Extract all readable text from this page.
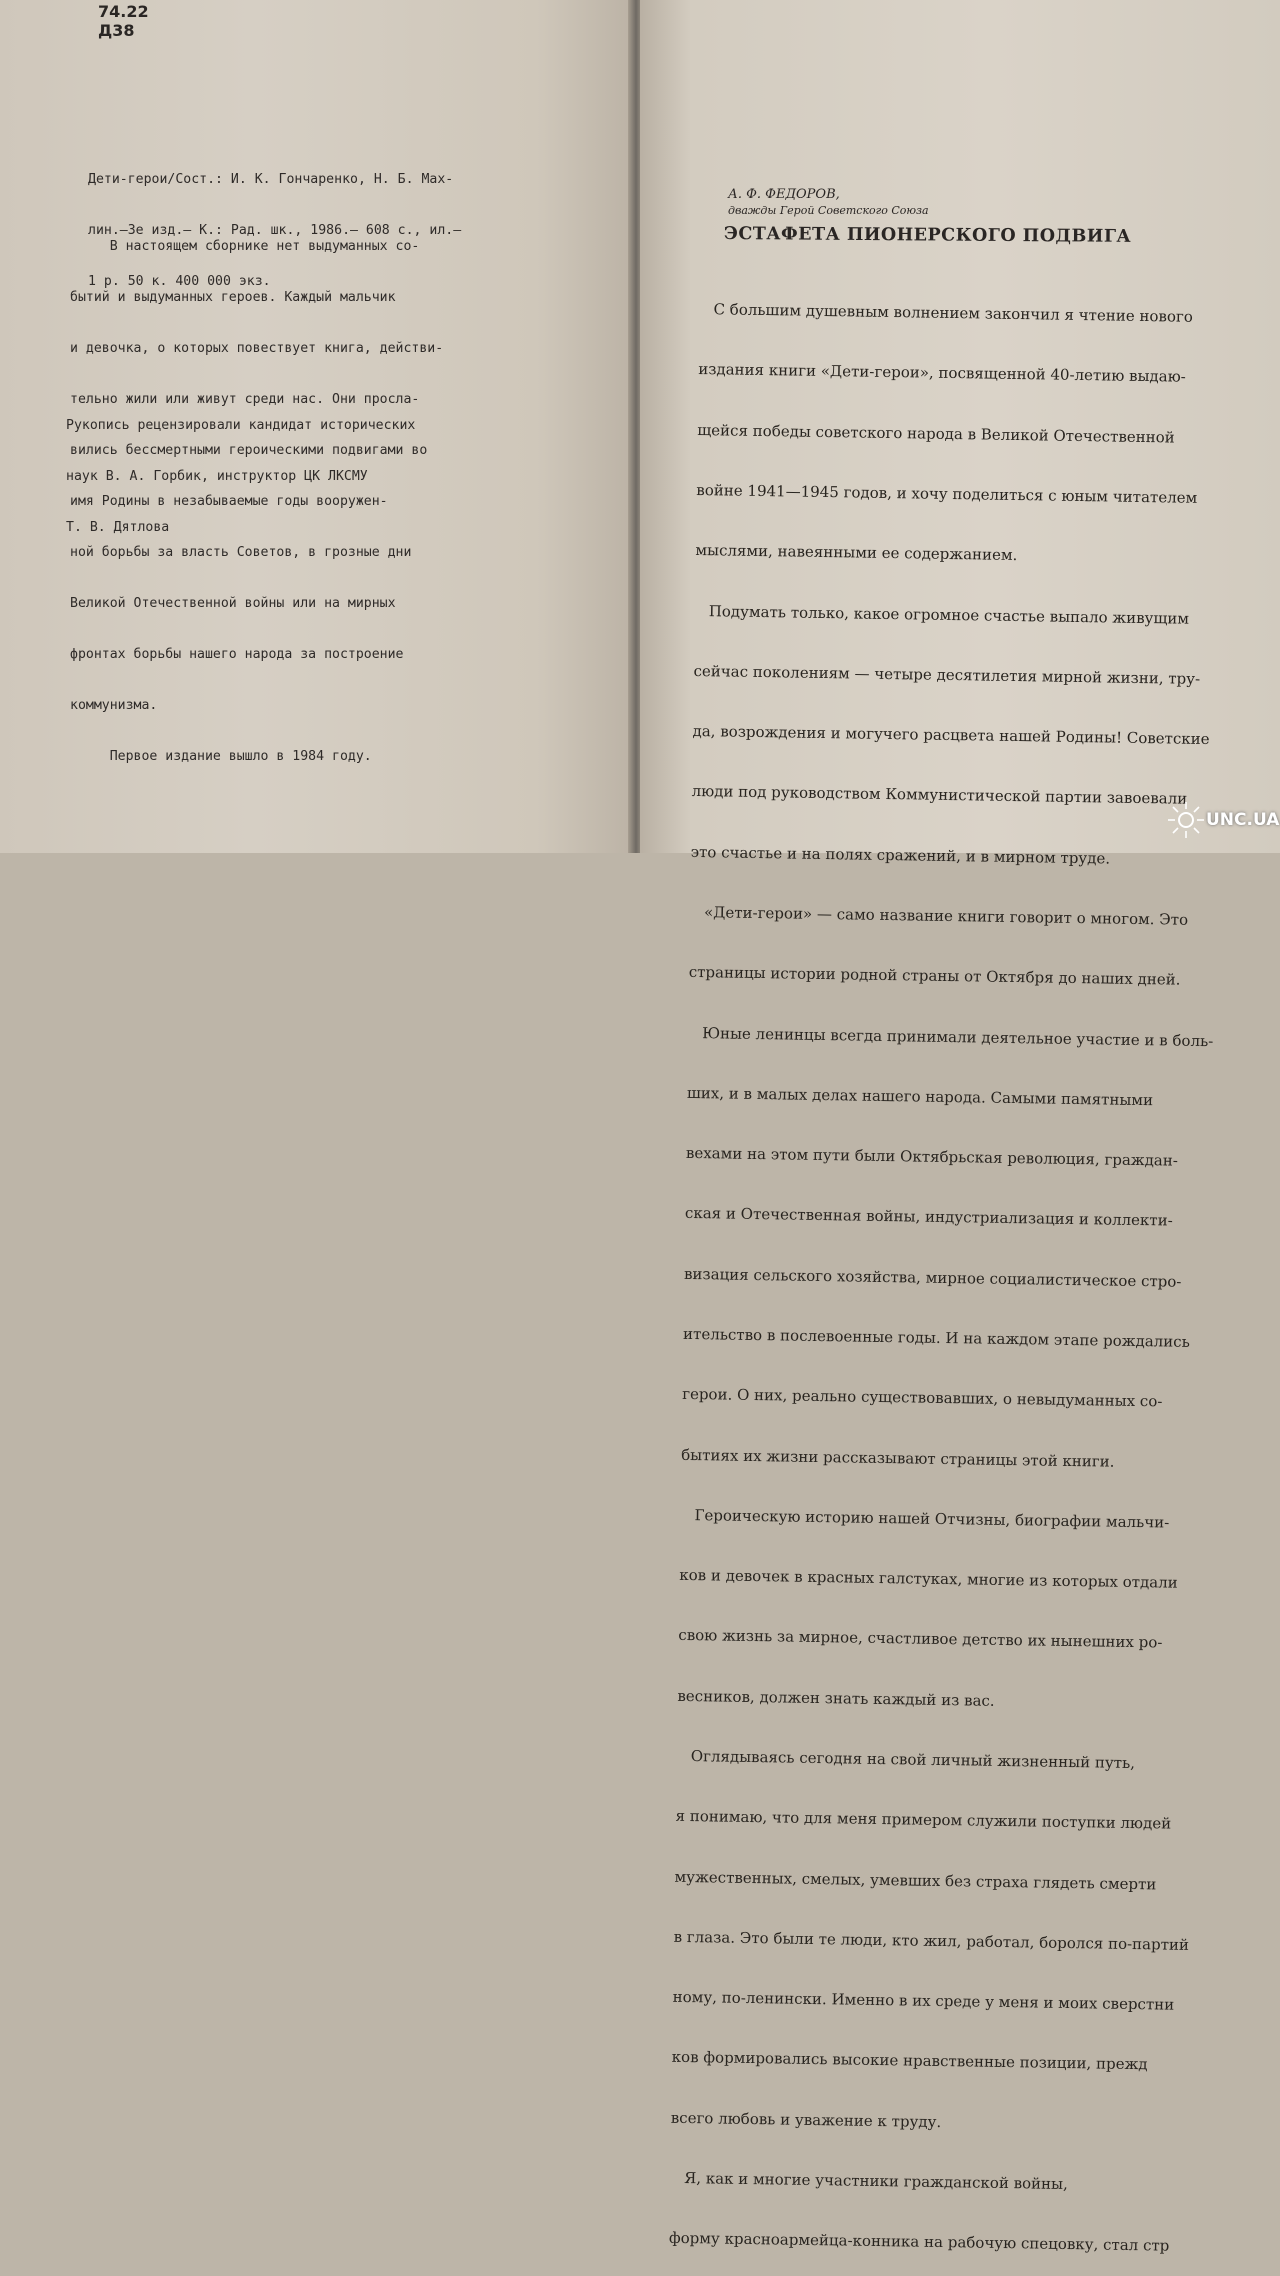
74.22
Д38

Дети-герои/Сост.: И. К. Гончаренко, Н. Б. Мах-

лин.—3е изд.— К.: Рад. шк., 1986.— 608 с., ил.—

1 р. 50 к. 400 000 экз.

В настоящем сборнике нет выдуманных со-

бытий и выдуманных героев. Каждый мальчик

и девочка, о которых повествует книга, действи-

тельно жили или живут среди нас. Они просла-

вились бессмертными героическими подвигами во

имя Родины в незабываемые годы вооружен-

ной борьбы за власть Советов, в грозные дни

Великой Отечественной войны или на мирных

фронтах борьбы нашего народа за построение

коммунизма.

Первое издание вышло в 1984 году.

Рукопись рецензировали кандидат исторических

наук В. А. Горбик, инструктор ЦК ЛКСМУ

Т. В. Дятлова

А. Ф. ФЕДОРОВ,
дважды Герой Советского Союза
ЭСТАФЕТА ПИОНЕРСКОГО ПОДВИГА

С большим душевным волнением закончил я чтение нового

издания книги «Дети-герои», посвященной 40-летию выдаю-

щейся победы советского народа в Великой Отечественной

войне 1941—1945 годов, и хочу поделиться с юным читателем

мыслями, навеянными ее содержанием.

Подумать только, какое огромное счастье выпало живущим

сейчас поколениям — четыре десятилетия мирной жизни, тру-

да, возрождения и могучего расцвета нашей Родины! Советские

люди под руководством Коммунистической партии завоевали

это счастье и на полях сражений, и в мирном труде.

«Дети-герои» — само название книги говорит о многом. Это

страницы истории родной страны от Октября до наших дней.

Юные ленинцы всегда принимали деятельное участие и в боль-

ших, и в малых делах нашего народа. Самыми памятными

вехами на этом пути были Октябрьская революция, граждан-

ская и Отечественная войны, индустриализация и коллекти-

визация сельского хозяйства, мирное социалистическое стро-

ительство в послевоенные годы. И на каждом этапе рождались

герои. О них, реально существовавших, о невыдуманных со-

бытиях их жизни рассказывают страницы этой книги.

Героическую историю нашей Отчизны, биографии мальчи-

ков и девочек в красных галстуках, многие из которых отдали

свою жизнь за мирное, счастливое детство их нынешних ро-

весников, должен знать каждый из вас.

Оглядываясь сегодня на свой личный жизненный путь,

я понимаю, что для меня примером служили поступки людей

мужественных, смелых, умевших без страха глядеть смерти

в глаза. Это были те люди, кто жил, работал, боролся по-партий

ному, по-ленински. Именно в их среде у меня и моих сверстни

ков формировались высокие нравственные позиции, прежд

всего любовь и уважение к труду.

Я, как и многие участники гражданской войны,

форму красноармейца-конника на рабочую спецовку, стал стр

UNC.UA
